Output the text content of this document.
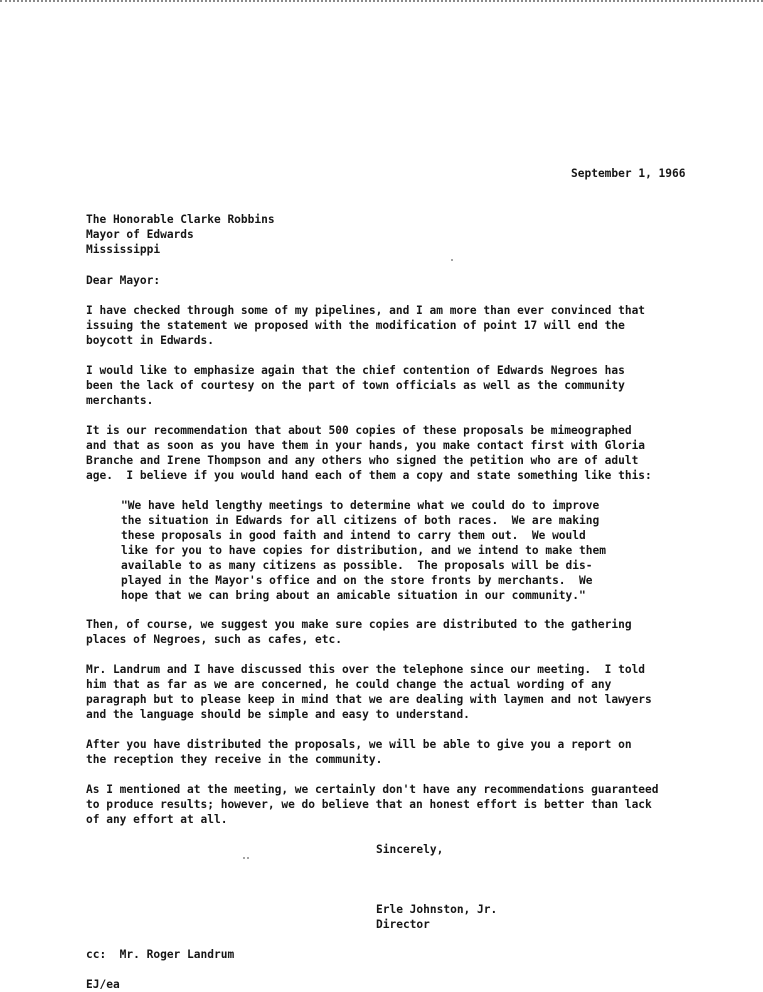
September 1, 1966
The Honorable Clarke Robbins
Mayor of Edwards
Mississippi
Dear Mayor:
I have checked through some of my pipelines, and I am more than ever convinced that
issuing the statement we proposed with the modification of point 17 will end the
boycott in Edwards.
I would like to emphasize again that the chief contention of Edwards Negroes has
been the lack of courtesy on the part of town officials as well as the community
merchants.
It is our recommendation that about 500 copies of these proposals be mimeographed
and that as soon as you have them in your hands, you make contact first with Gloria
Branche and Irene Thompson and any others who signed the petition who are of adult
age.  I believe if you would hand each of them a copy and state something like this:
"We have held lengthy meetings to determine what we could do to improve
the situation in Edwards for all citizens of both races.  We are making
these proposals in good faith and intend to carry them out.  We would
like for you to have copies for distribution, and we intend to make them
available to as many citizens as possible.  The proposals will be dis-
played in the Mayor's office and on the store fronts by merchants.  We
hope that we can bring about an amicable situation in our community."
Then, of course, we suggest you make sure copies are distributed to the gathering
places of Negroes, such as cafes, etc.
Mr. Landrum and I have discussed this over the telephone since our meeting.  I told
him that as far as we are concerned, he could change the actual wording of any
paragraph but to please keep in mind that we are dealing with laymen and not lawyers
and the language should be simple and easy to understand.
After you have distributed the proposals, we will be able to give you a report on
the reception they receive in the community.
As I mentioned at the meeting, we certainly don't have any recommendations guaranteed
to produce results; however, we do believe that an honest effort is better than lack
of any effort at all.
Sincerely,
Erle Johnston, Jr.
Director
cc:  Mr. Roger Landrum
EJ/ea
